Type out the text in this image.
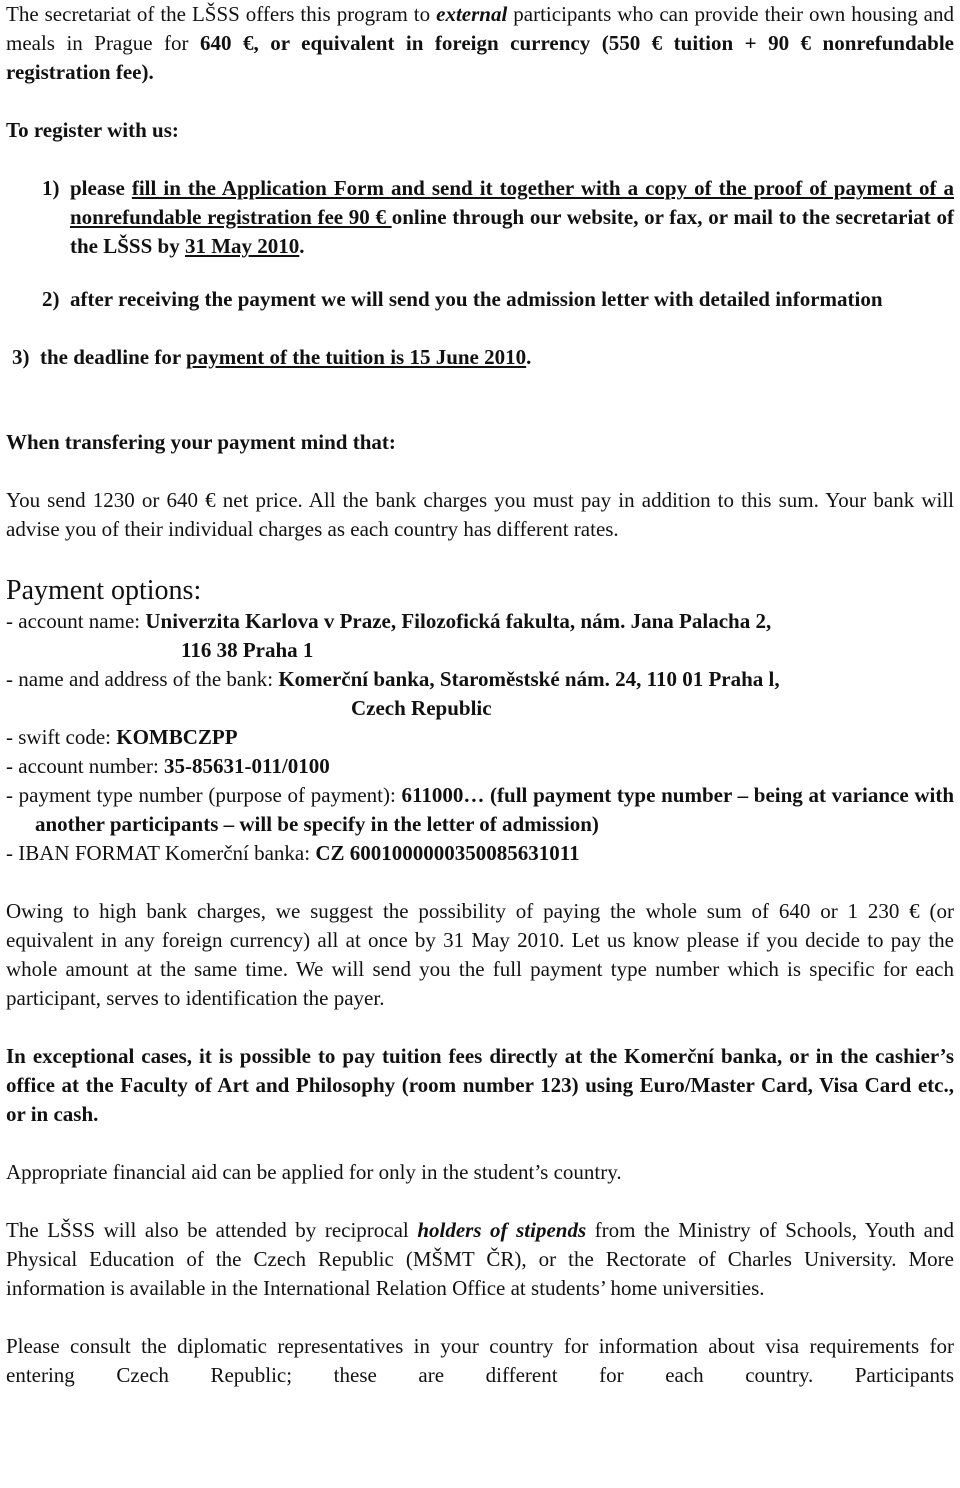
The secretariat of the LŠSS offers this program to external participants who can provide their own housing and meals in Prague for 640 €, or equivalent in foreign currency (550 € tuition + 90 € nonrefundable registration fee).

To register with us:

1) please fill in the Application Form and send it together with a copy of the proof of payment of a nonrefundable registration fee 90 € online through our website, or fax, or mail to the secretariat of the LŠSS by 31 May 2010.
2) after receiving the payment we will send you the admission letter with detailed information
3) the deadline for payment of the tuition is 15 June 2010.

When transfering your payment mind that:

You send 1230 or 640 € net price. All the bank charges you must pay in addition to this sum. Your bank will advise you of their individual charges as each country has different rates.

Payment options:

- account name: Univerzita Karlova v Praze, Filozofická fakulta, nám. Jana Palacha 2,

116 38 Praha 1

- name and address of the bank: Komerční banka, Staroměstské nám. 24, 110 01 Praha l,

Czech Republic

- swift code: KOMBCZPP

- account number: 35-85631-011/0100

- payment type number (purpose of payment): 611000… (full payment type number – being at variance with another participants – will be specify in the letter of admission)

- IBAN FORMAT Komerční banka: CZ 6001000000350085631011

Owing to high bank charges, we suggest the possibility of paying the whole sum of 640 or 1 230 € (or equivalent in any foreign currency) all at once by 31 May 2010. Let us know please if you decide to pay the whole amount at the same time. We will send you the full payment type number which is specific for each participant, serves to identification the payer.

In exceptional cases, it is possible to pay tuition fees directly at the Komerční banka, or in the cashier’s office at the Faculty of Art and Philosophy (room number 123) using Euro/Master Card, Visa Card etc., or in cash.

Appropriate financial aid can be applied for only in the student’s country.

The LŠSS will also be attended by reciprocal holders of stipends from the Ministry of Schools, Youth and Physical Education of the Czech Republic (MŠMT ČR), or the Rectorate of Charles University. More information is available in the International Relation Office at students’ home universities.

Please consult the diplomatic representatives in your country for information about visa requirements for entering Czech Republic; these are different for each country. Participants
